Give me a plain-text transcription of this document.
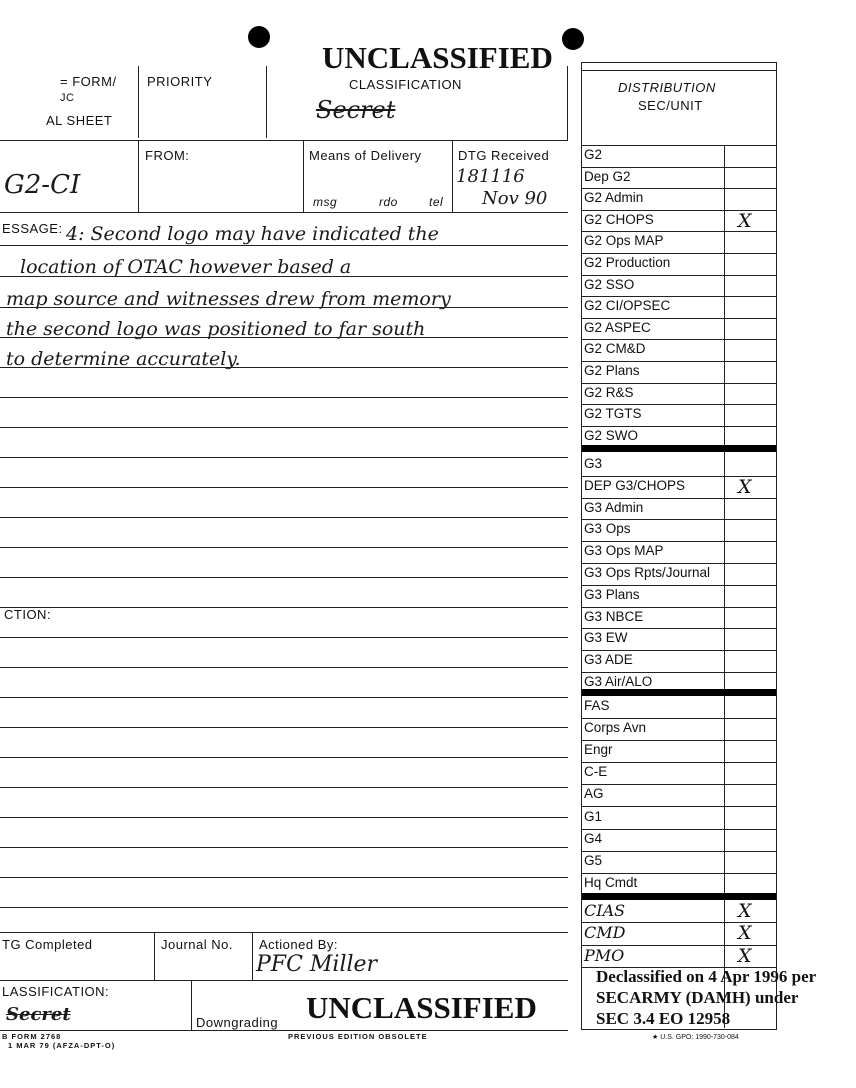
UNCLASSIFIED
= FORM/
JC
AL SHEET
PRIORITY	CLASSIFICATION
Secret
G2-CI
FROM:	Means of Delivery
msg	rdo	tel
DTG Received
181116
Nov 90
ESSAGE: 4: Second logo may have indicated the
location of OTAC however based a
map source and witnesses drew from memory
the second logo was positioned to far south
to determine accurately.
CTION:
TG Completed	Journal No. Actioned By:
PFC Miller
LASSIFICATION:
Secret	Downgrading UNCLASSIFIED
B FORM 2768
1 MAR 79 (AFZA-DPT-O)
PREVIOUS EDITION OBSOLETE	★ U.S. GPO: 1990-730-084
DISTRIBUTION
SEC/UNIT
G2
Dep G2
G2 Admin
G2 CHOPS	X
G2 Ops MAP
G2 Production
G2 SSO
G2 CI/OPSEC
G2 ASPEC
G2 CM&D
G2 Plans
G2 R&S
G2 TGTS
G2 SWO
G3
DEP G3/CHOPS	X
G3 Admin
G3 Ops
G3 Ops MAP
G3 Ops Rpts/Journal
G3 Plans
G3 NBCE
G3 EW
G3 ADE
G3 Air/ALO
FAS
Corps Avn
Engr
C-E
AG
G1
G4
G5
Hq Cmdt
CIAS	X
CMD	X
PMO	X
Declassified on 4 Apr 1996 per
SECARMY (DAMH) under
SEC 3.4 EO 12958
